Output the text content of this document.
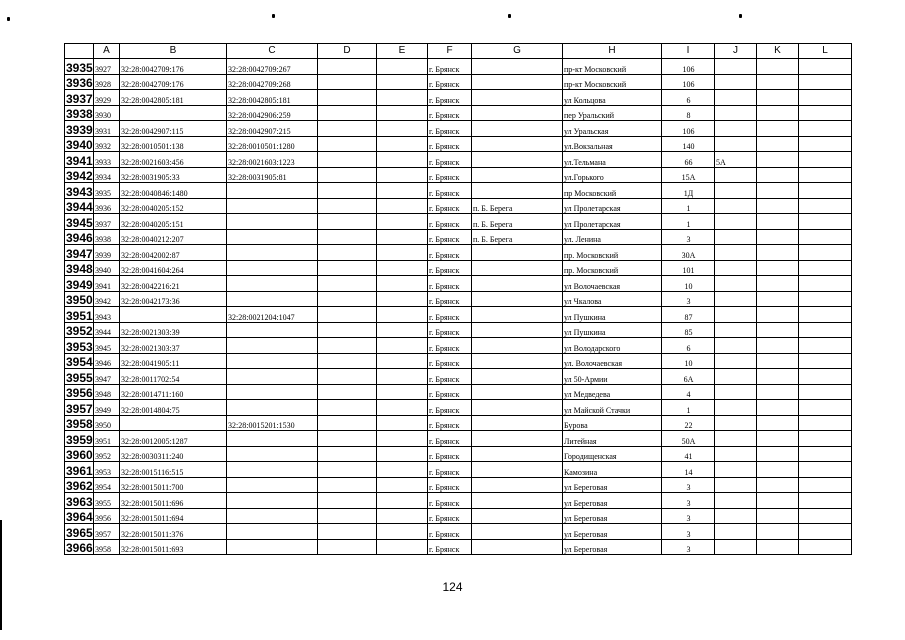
	A	B	C	D	E	F	G	H	I	J	K	L

3935	3927	32:28:0042709:176	32:28:0042709:267			г. Брянск		пр-кт Московский	106			

3936	3928	32:28:0042709:176	32:28:0042709:268			г. Брянск		пр-кт Московский	106			

3937	3929	32:28:0042805:181	32:28:0042805:181			г. Брянск		ул Кольцова	6			

3938	3930		32:28:0042906:259			г. Брянск		пер Уральский	8			

3939	3931	32:28:0042907:115	32:28:0042907:215			г. Брянск		ул Уральская	106			

3940	3932	32:28:0010501:138	32:28:0010501:1280			г. Брянск		ул.Вокзальная	140			

3941	3933	32:28:0021603:456	32:28:0021603:1223			г. Брянск		ул.Тельмана	66	5А		

3942	3934	32:28:0031905:33	32:28:0031905:81			г. Брянск		ул.Горького	15А			

3943	3935	32:28:0040846:1480				г. Брянск		пр Московский	1Д			

3944	3936	32:28:0040205:152				г. Брянск	п. Б. Берега	ул Пролетарская	1			

3945	3937	32:28:0040205:151				г. Брянск	п. Б. Берега	ул Пролетарская	1			

3946	3938	32:28:0040212:207				г. Брянск	п. Б. Берега	ул. Ленина	3			

3947	3939	32:28:0042002:87				г. Брянск		пр. Московский	30А			

3948	3940	32:28:0041604:264				г. Брянск		пр. Московский	101			

3949	3941	32:28:0042216:21				г. Брянск		ул Волочаевская	10			

3950	3942	32:28:0042173:36				г. Брянск		ул Чкалова	3			

3951	3943		32:28:0021204:1047			г. Брянск		ул Пушкина	87			

3952	3944	32:28:0021303:39				г. Брянск		ул Пушкина	85			

3953	3945	32:28:0021303:37				г. Брянск		ул Володарского	6			

3954	3946	32:28:0041905:11				г. Брянск		ул. Волочаевская	10			

3955	3947	32:28:0011702:54				г. Брянск		ул 50-Армии	6А			

3956	3948	32:28:0014711:160				г. Брянск		ул Медведева	4			

3957	3949	32:28:0014804:75				г. Брянск		ул Майской Стачки	1			

3958	3950		32:28:0015201:1530			г. Брянск		Бурова	22			

3959	3951	32:28:0012005:1287				г. Брянск		Литейная	50А			

3960	3952	32:28:0030311:240				г. Брянск		Городищенская	41			

3961	3953	32:28:0015116:515				г. Брянск		Камозина	14			

3962	3954	32:28:0015011:700				г. Брянск		ул Береговая	3			

3963	3955	32:28:0015011:696				г. Брянск		ул Береговая	3			

3964	3956	32:28:0015011:694				г. Брянск		ул Береговая	3			

3965	3957	32:28:0015011:376				г. Брянск		ул Береговая	3			

3966	3958	32:28:0015011:693				г. Брянск		ул Береговая	3			
124
